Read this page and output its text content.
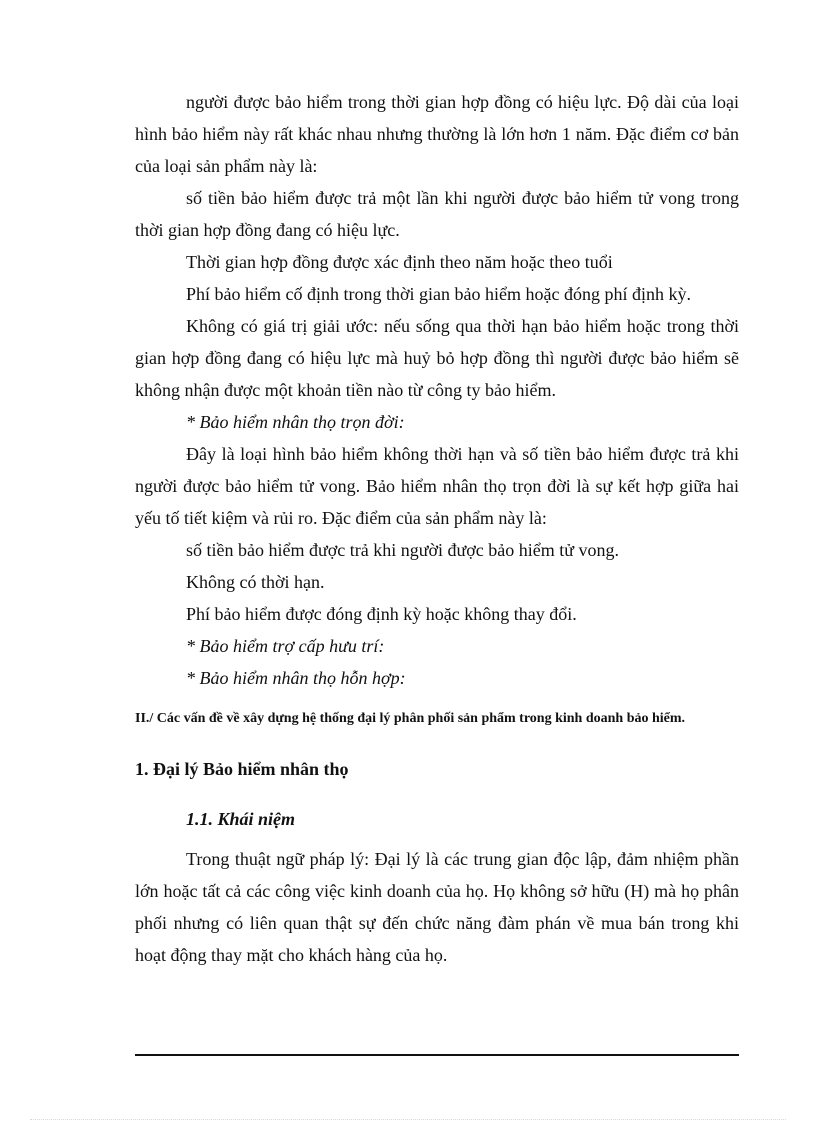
người được bảo hiểm trong thời gian hợp đồng có hiệu lực. Độ dài của loại hình bảo hiểm này rất khác nhau nhưng thường là lớn hơn 1 năm. Đặc điểm cơ bản của loại sản phẩm này là:

số tiền bảo hiểm được trả một lần khi người được bảo hiểm tử vong trong thời gian hợp đồng đang có hiệu lực.

Thời gian hợp đồng được xác định theo năm hoặc theo tuổi

Phí bảo hiểm cố định trong thời gian bảo hiểm hoặc đóng phí định kỳ.

Không có giá trị giải ước: nếu sống qua thời hạn bảo hiểm hoặc trong thời gian hợp đồng đang có hiệu lực mà huỷ bỏ hợp đồng thì người được bảo hiểm sẽ không nhận được một khoản tiền nào từ công ty bảo hiểm.

* Bảo hiểm nhân thọ trọn đời:

Đây là loại hình bảo hiểm không thời hạn và số tiền bảo hiểm được trả khi người được bảo hiểm tử vong. Bảo hiểm nhân thọ trọn đời là sự kết hợp giữa hai yếu tố tiết kiệm và rủi ro. Đặc điểm của sản phẩm này là:

số tiền bảo hiểm được trả khi người được bảo hiểm tử vong.

Không có thời hạn.

Phí bảo hiểm được đóng định kỳ hoặc không thay đổi.

* Bảo hiểm trợ cấp hưu trí:

* Bảo hiểm nhân thọ hỗn hợp:

II./ Các vấn đề về xây dựng hệ thống đại lý phân phối sản phẩm trong kinh doanh bảo hiểm.

1. Đại lý Bảo hiểm nhân thọ

1.1. Khái niệm

Trong thuật ngữ pháp lý: Đại lý là các trung gian độc lập, đảm nhiệm phần lớn hoặc tất cả các công việc kinh doanh của họ. Họ không sở hữu (H) mà họ phân phối nhưng có liên quan thật sự đến chức năng đàm phán về mua bán trong khi hoạt động thay mặt cho khách hàng của họ.
